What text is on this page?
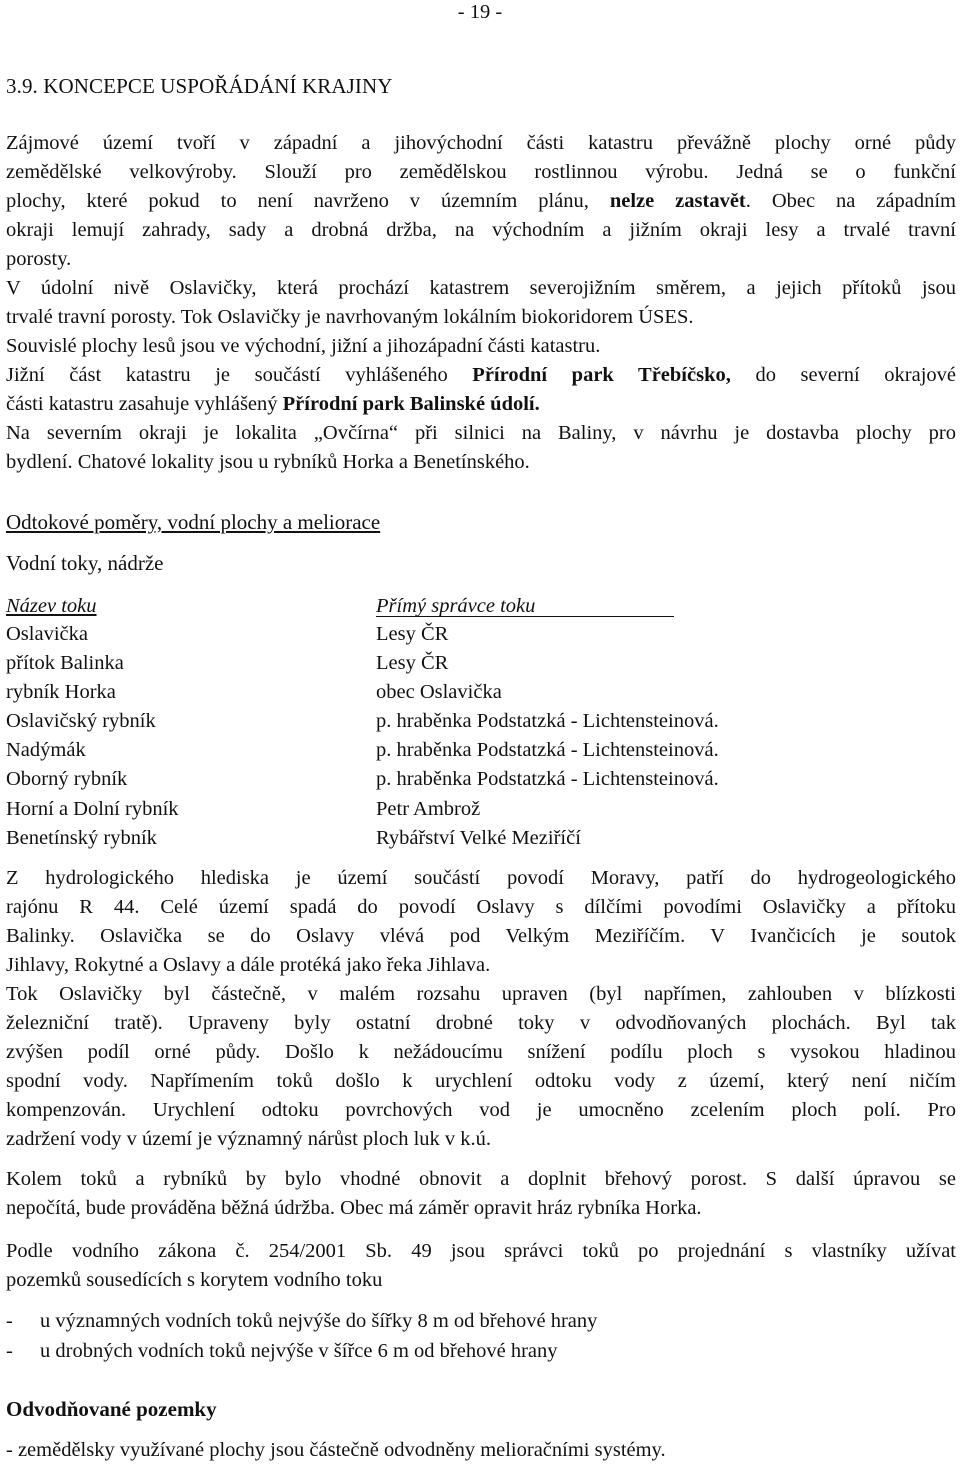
- 19 -
3.9. KONCEPCE USPOŘÁDÁNÍ KRAJINY
Zájmové území tvoří v západní a jihovýchodní části katastru převážně plochy orné půdy
zemědělské velkovýroby. Slouží pro zemědělskou rostlinnou výrobu. Jedná se o funkční
plochy, které pokud to není navrženo v územním plánu, nelze zastavět. Obec na západním
okraji lemují zahrady, sady a drobná držba, na východním a jižním okraji lesy a trvalé travní
porosty.
V údolní nivě Oslavičky, která prochází katastrem severojižním směrem, a jejich přítoků jsou
trvalé travní porosty. Tok Oslavičky je navrhovaným lokálním biokoridorem ÚSES.
Souvislé plochy lesů jsou ve východní, jižní a jihozápadní části katastru.
Jižní část katastru je součástí vyhlášeného Přírodní park Třebíčsko, do severní okrajové
části katastru zasahuje vyhlášený Přírodní park Balinské údolí.
Na severním okraji je lokalita „Ovčírna“ při silnici na Baliny, v návrhu je dostavba plochy pro
bydlení. Chatové lokality jsou u rybníků Horka a Benetínského.
Odtokové poměry, vodní plochy a meliorace
Vodní toky, nádrže
Název toku	Přímý správce toku
Oslavička
přítok Balinka
rybník Horka
Oslavičský rybník
Nadýmák
Oborný rybník
Horní a Dolní rybník
Benetínský rybník
Lesy ČR
Lesy ČR
obec Oslavička
p. hraběnka Podstatzká - Lichtensteinová.
p. hraběnka Podstatzká - Lichtensteinová.
p. hraběnka Podstatzká - Lichtensteinová.
Petr Ambrož
Rybářství Velké Meziříčí
Z hydrologického hlediska je území součástí povodí Moravy, patří do hydrogeologického
rajónu R 44. Celé území spadá do povodí Oslavy s dílčími povodími Oslavičky a přítoku
Balinky. Oslavička se do Oslavy vlévá pod Velkým Meziříčím. V Ivančicích je soutok
Jihlavy, Rokytné a Oslavy a dále protéká jako řeka Jihlava.
Tok Oslavičky byl částečně, v malém rozsahu upraven (byl napřímen, zahlouben v blízkosti
železniční tratě). Upraveny byly ostatní drobné toky v odvodňovaných plochách. Byl tak
zvýšen podíl orné půdy. Došlo k nežádoucímu snížení podílu ploch s vysokou hladinou
spodní vody. Napřímením toků došlo k urychlení odtoku vody z území, který není ničím
kompenzován. Urychlení odtoku povrchových vod je umocněno zcelením ploch polí. Pro
zadržení vody v území je významný nárůst ploch luk v k.ú.
Kolem toků a rybníků by bylo vhodné obnovit a doplnit břehový porost. S další úpravou se
nepočítá, bude prováděna běžná údržba. Obec má záměr opravit hráz rybníka Horka.
Podle vodního zákona č. 254/2001 Sb. 49 jsou správci toků po projednání s vlastníky užívat
pozemků sousedících s korytem vodního toku
- u významných vodních toků nejvýše do šířky 8 m od břehové hrany
- u drobných vodních toků nejvýše v šířce 6 m od břehové hrany
Odvodňované pozemky
- zemědělsky využívané plochy jsou částečně odvodněny melioračními systémy.
